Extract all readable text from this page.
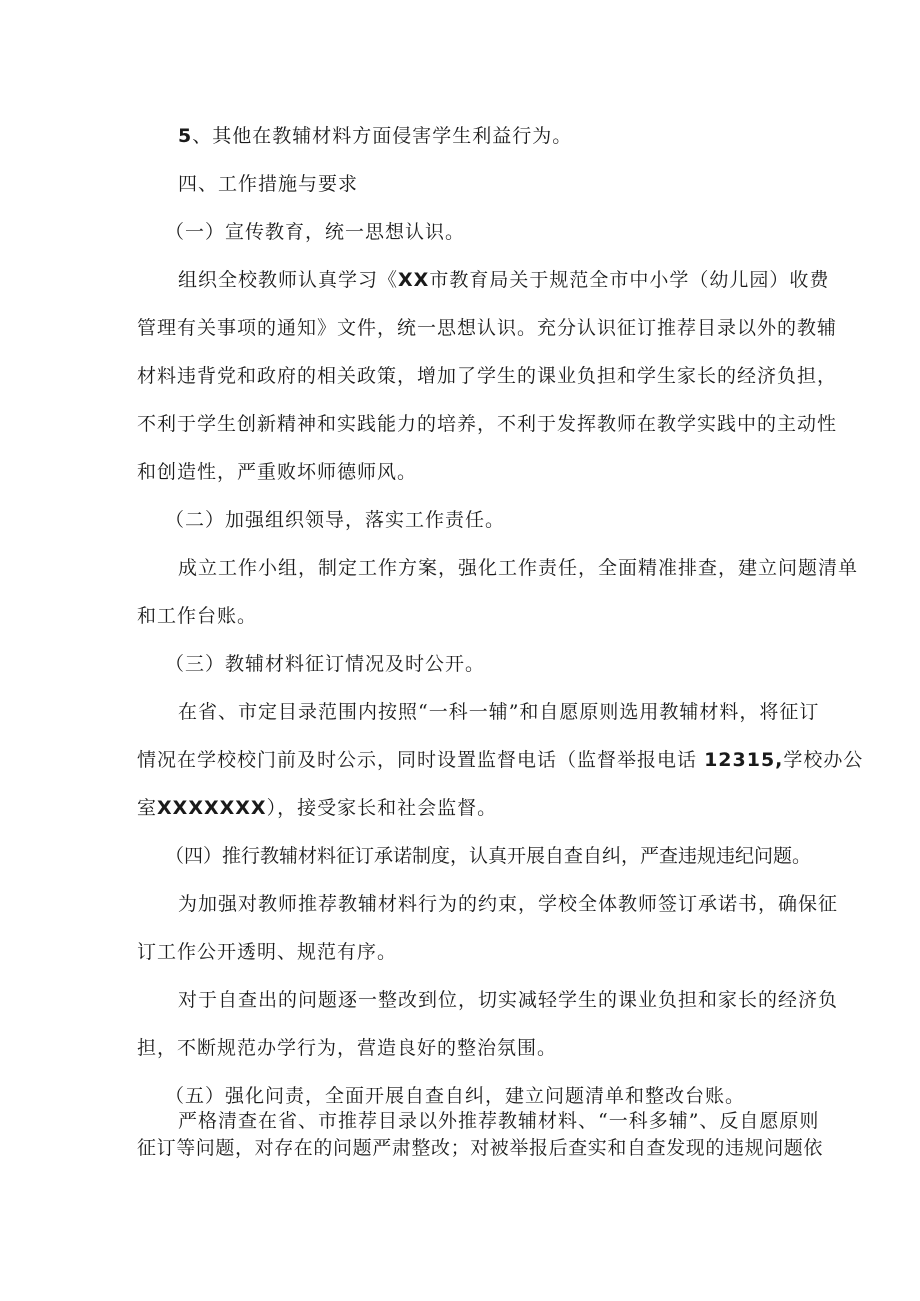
5、其他在教辅材料方面侵害学生利益行为。
四、工作措施与要求
（一）宣传教育，统一思想认识。
组织全校教师认真学习《XX市教育局关于规范全市中小学（幼儿园）收费
管理有关事项的通知》文件，统一思想认识。充分认识征订推荐目录以外的教辅
材料违背党和政府的相关政策，增加了学生的课业负担和学生家长的经济负担，
不利于学生创新精神和实践能力的培养，不利于发挥教师在教学实践中的主动性
和创造性，严重败坏师德师风。
（二）加强组织领导，落实工作责任。
成立工作小组，制定工作方案，强化工作责任，全面精准排查，建立问题清单
和工作台账。
（三）教辅材料征订情况及时公开。
在省、市定目录范围内按照“一科一辅”和自愿原则选用教辅材料，将征订
情况在学校校门前及时公示，同时设置监督电话（监督举报电话 12315,学校办公
室XXXXXXX），接受家长和社会监督。
（四）推行教辅材料征订承诺制度，认真开展自查自纠，严查违规违纪问题。
为加强对教师推荐教辅材料行为的约束，学校全体教师签订承诺书，确保征
订工作公开透明、规范有序。
对于自查出的问题逐一整改到位，切实减轻学生的课业负担和家长的经济负
担，不断规范办学行为，营造良好的整治氛围。
（五）强化问责，全面开展自查自纠，建立问题清单和整改台账。
严格清查在省、市推荐目录以外推荐教辅材料、“一科多辅”、反自愿原则
征订等问题，对存在的问题严肃整改；对被举报后查实和自查发现的违规问题依
